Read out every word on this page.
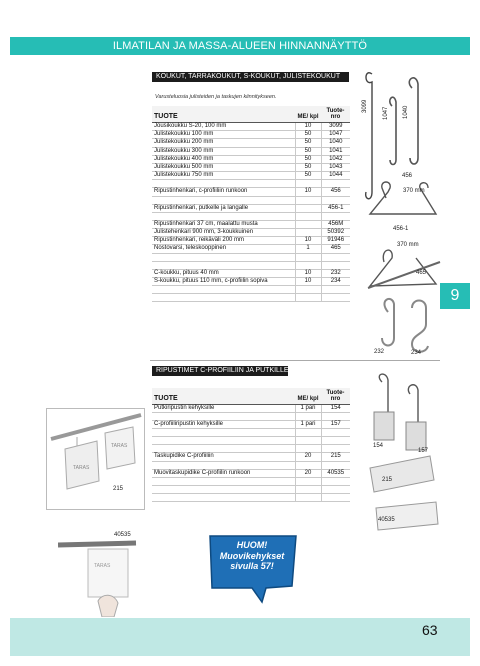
ILMATILAN JA MASSA-ALUEEN HINNANNÄYTTÖ
KOUKUT, TARRAKOUKUT, S-KOUKUT, JULISTEKOUKUT
Varusteluosia julisteiden ja taskujen kiinnitykseen.
TUOTE	ME/ kpl	Tuote- nro
Jousikoukku S-20, 100 mm	10	3099
Julistekoukku 100 mm	50	1047
Julistekoukku 200 mm	50	1040
Julistekoukku 300 mm	50	1041
Julistekoukku 400 mm	50	1042
Julistekoukku 500 mm	50	1043
Julistekoukku 750 mm	50	1044

Ripustinhenkari, c-profiiliin runkoon	10	456

Ripustinhenkari, putkelle ja langalle		456-1

Ripustinhenkari 37 cm, maalattu musta		456M
Julistehenkari 900 mm, 3-koukkuinen		50392
Ripustinhenkari, reikäväli 200 mm	10	91946
Nostovarsi, teleskooppinen	1	465

C-koukku, pituus 40 mm	10	232
S-koukku, pituus 110 mm, c-profiilin sopiva	10	234

3099
1047 1040
456
370 mm
456-1
370 mm
465
232	234
9
RIPUSTIMET C-PROFIILIIN JA PUTKILLE
TUOTE	ME/ kpl	Tuote- nro
Putkiripustin kehyksille	1 pari	154

C-profiiliripustin kehyksille	1 pari	157

Taskupidike C-profiiliin	20	215

Muovitaskupidike C-profiilin runkoon	20	40535

TARAS
TARAS
215
40535
TARAS
154
157
215
40535
HUOM!
Muovikehykset
sivulla 57!
63
